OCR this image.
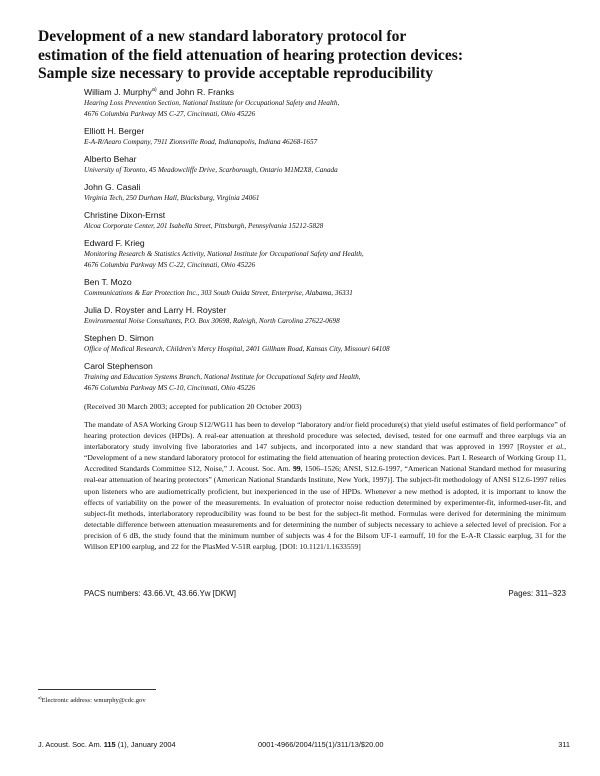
Development of a new standard laboratory protocol for
estimation of the field attenuation of hearing protection devices:
Sample size necessary to provide acceptable reproducibility
William J. Murphy$^{a)}$ and John R. Franks
Hearing Loss Prevention Section, National Institute for Occupational Safety and Health,
4676 Columbia Parkway MS C-27, Cincinnati, Ohio 45226
Elliott H. Berger
E-A-R/Aearo Company, 7911 Zionsville Road, Indianapolis, Indiana 46268-1657
Alberto Behar
University of Toronto, 45 Meadowcliffe Drive, Scarborough, Ontario M1M2X8, Canada
John G. Casali
Virginia Tech, 250 Durham Hall, Blacksburg, Virginia 24061
Christine Dixon-Ernst
Alcoa Corporate Center, 201 Isabella Street, Pittsburgh, Pennsylvania 15212-5828
Edward F. Krieg
Monitoring Research & Statistics Activity, National Institute for Occupational Safety and Health,
4676 Columbia Parkway MS C-22, Cincinnati, Ohio 45226
Ben T. Mozo
Communications & Ear Protection Inc., 303 South Ouida Street, Enterprise, Alabama, 36331
Julia D. Royster and Larry H. Royster
Environmental Noise Consultants, P.O. Box 30698, Raleigh, North Carolina 27622-0698
Stephen D. Simon
Office of Medical Research, Children's Mercy Hospital, 2401 Gillham Road, Kansas City, Missouri 64108
Carol Stephenson
Training and Education Systems Branch, National Institute for Occupational Safety and Health,
4676 Columbia Parkway MS C-10, Cincinnati, Ohio 45226
(Received 30 March 2003; accepted for publication 20 October 2003)

The mandate of ASA Working Group S12/WG11 has been to develop “laboratory and/or field procedure(s) that yield useful estimates of field performance” of hearing protection devices (HPDs). A real-ear attenuation at threshold procedure was selected, devised, tested for one earmuff and three earplugs via an interlaboratory study involving five laboratories and 147 subjects, and incorporated into a new standard that was approved in 1997 [Royster et al., “Development of a new standard laboratory protocol for estimating the field attenuation of hearing protection devices. Part I. Research of Working Group 11, Accredited Standards Committee S12, Noise,” J. Acoust. Soc. Am. 99, 1506–1526; ANSI, S12.6-1997, “American National Standard method for measuring real-ear attenuation of hearing protectors” (American National Standards Institute, New York, 1997)]. The subject-fit methodology of ANSI S12.6-1997 relies upon listeners who are audiometrically proficient, but inexperienced in the use of HPDs. Whenever a new method is adopted, it is important to know the effects of variability on the power of the measurements. In evaluation of protector noise reduction determined by experimenter-fit, informed-user-fit, and subject-fit methods, interlaboratory reproducibility was found to be best for the subject-fit method. Formulas were derived for determining the minimum detectable difference between attenuation measurements and for determining the number of subjects necessary to achieve a selected level of precision. For a precision of 6 dB, the study found that the minimum number of subjects was 4 for the Bilsom UF-1 earmuff, 10 for the E-A-R Classic earplug, 31 for the Willson EP100 earplug, and 22 for the PlasMed V-51R earplug. [DOI: 10.1121/1.1633559]

PACS numbers: 43.66.Vt, 43.66.Yw [DKW]	Pages: 311–323
$^{a)}$Electronic address: wmurphy@cdc.gov
J. Acoust. Soc. Am. 115 (1), January 2004	0001-4966/2004/115(1)/311/13/$20.00	311
